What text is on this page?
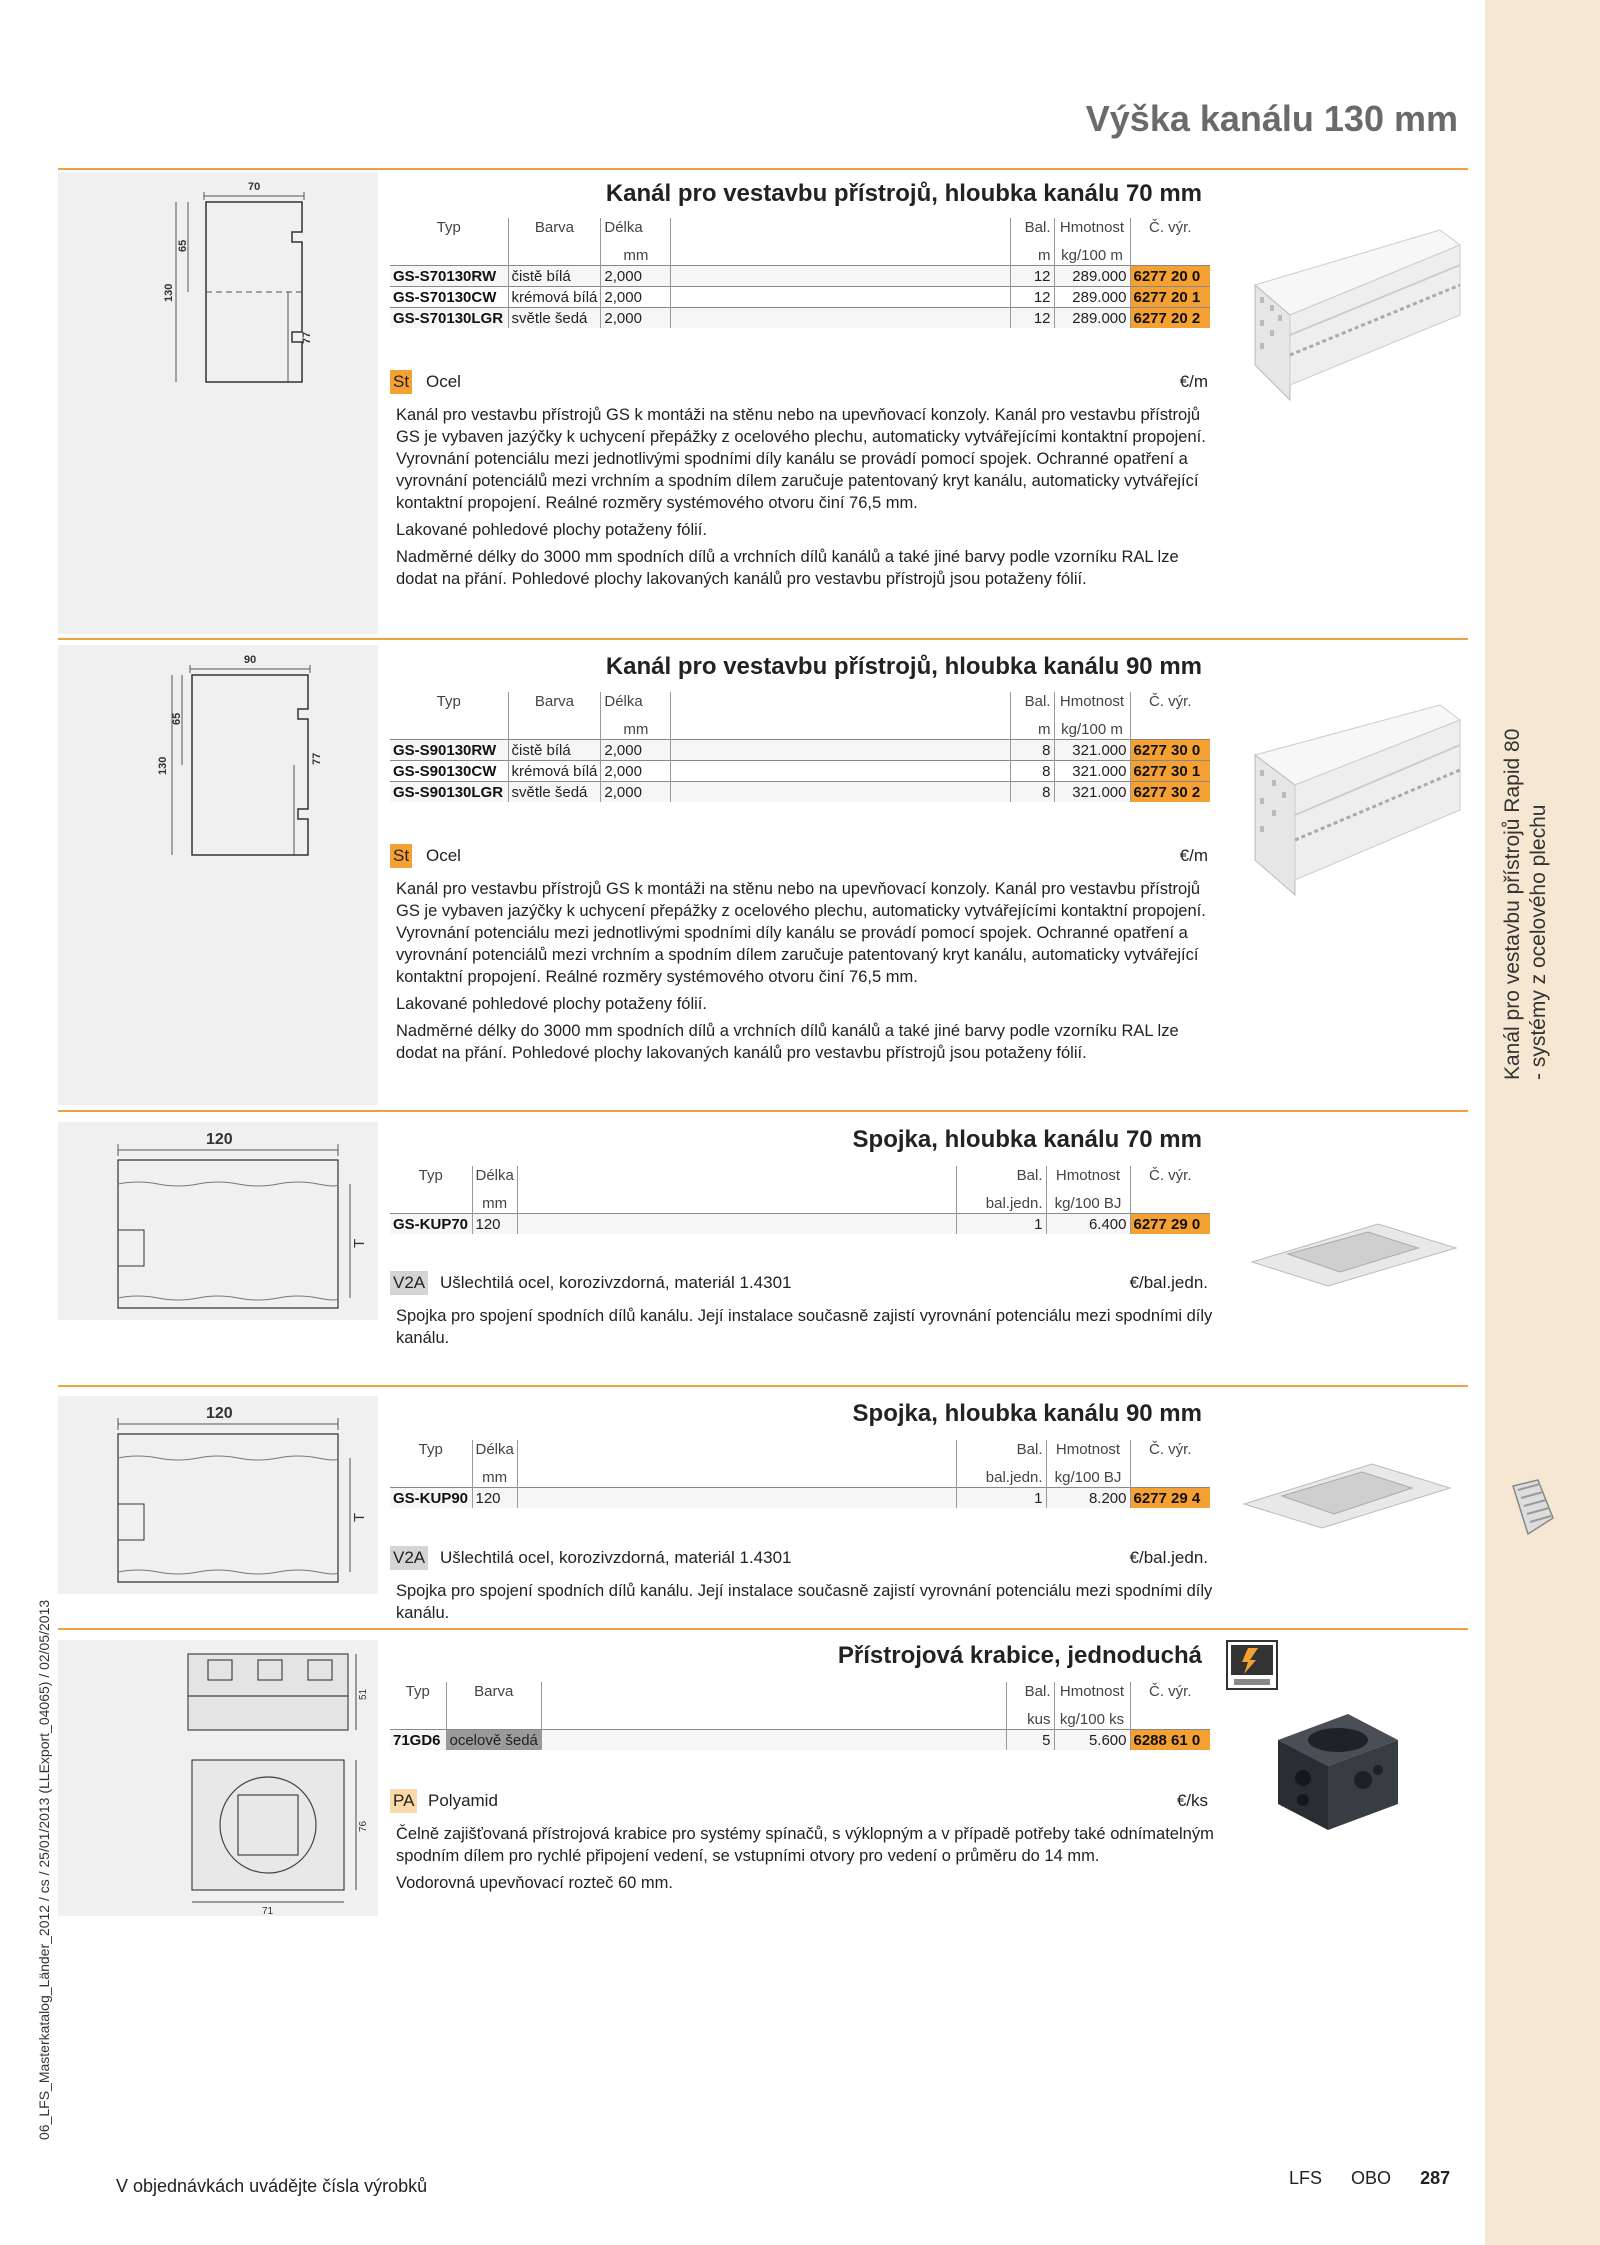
Kanál pro vestavbu přístrojů Rapid 80 - systémy z ocelového plechu
Výška kanálu 130 mm
70
130
65
77
Kanál pro vestavbu přístrojů, hloubka kanálu 70 mm
Typ	Barva	Délka		Bal.	Hmotnost	Č. výr.
		mm		m	kg/100 m	
GS-S70130RW	čistě bílá	2,000		12	289.000	6277 20 0
GS-S70130CW	krémová bílá	2,000		12	289.000	6277 20 1
GS-S70130LGR	světle šedá	2,000		12	289.000	6277 20 2
St Ocel	€/m

Kanál pro vestavbu přístrojů GS k montáži na stěnu nebo na upevňovací konzoly. Kanál pro vestavbu přístrojů GS je vybaven jazýčky k uchycení přepážky z ocelového plechu, automaticky vytvářejícími kontaktní propojení. Vyrovnání potenciálu mezi jednotlivými spodními díly kanálu se provádí pomocí spojek. Ochranné opatření a vyrovnání potenciálů mezi vrchním a spodním dílem zaručuje patentovaný kryt kanálu, automaticky vytvářející kontaktní propojení. Reálné rozměry systémového otvoru činí 76,5 mm.

Lakované pohledové plochy potaženy fólií.

Nadměrné délky do 3000 mm spodních dílů a vrchních dílů kanálů a také jiné barvy podle vzorníku RAL lze dodat na přání. Pohledové plochy lakovaných kanálů pro vestavbu přístrojů jsou potaženy fólií.

90
130
65
77
Kanál pro vestavbu přístrojů, hloubka kanálu 90 mm
Typ	Barva	Délka		Bal.	Hmotnost	Č. výr.
		mm		m	kg/100 m	
GS-S90130RW	čistě bílá	2,000		8	321.000	6277 30 0
GS-S90130CW	krémová bílá	2,000		8	321.000	6277 30 1
GS-S90130LGR	světle šedá	2,000		8	321.000	6277 30 2
St Ocel	€/m

Kanál pro vestavbu přístrojů GS k montáži na stěnu nebo na upevňovací konzoly. Kanál pro vestavbu přístrojů GS je vybaven jazýčky k uchycení přepážky z ocelového plechu, automaticky vytvářejícími kontaktní propojení. Vyrovnání potenciálu mezi jednotlivými spodními díly kanálu se provádí pomocí spojek. Ochranné opatření a vyrovnání potenciálů mezi vrchním a spodním dílem zaručuje patentovaný kryt kanálu, automaticky vytvářející kontaktní propojení. Reálné rozměry systémového otvoru činí 76,5 mm.

Lakované pohledové plochy potaženy fólií.

Nadměrné délky do 3000 mm spodních dílů a vrchních dílů kanálů a také jiné barvy podle vzorníku RAL lze dodat na přání. Pohledové plochy lakovaných kanálů pro vestavbu přístrojů jsou potaženy fólií.

120
T
Spojka, hloubka kanálu 70 mm
Typ	Délka		Bal.	Hmotnost	Č. výr.
	mm		bal.jedn.	kg/100 BJ	
GS-KUP70	120		1	6.400	6277 29 0
V2A Ušlechtilá ocel, korozivzdorná, materiál 1.4301	€/bal.jedn.

Spojka pro spojení spodních dílů kanálu. Její instalace současně zajistí vyrovnání potenciálu mezi spodními díly kanálu.

120
T
Spojka, hloubka kanálu 90 mm
Typ	Délka		Bal.	Hmotnost	Č. výr.
	mm		bal.jedn.	kg/100 BJ	
GS-KUP90	120		1	8.200	6277 29 4
V2A Ušlechtilá ocel, korozivzdorná, materiál 1.4301	€/bal.jedn.

Spojka pro spojení spodních dílů kanálu. Její instalace současně zajistí vyrovnání potenciálu mezi spodními díly kanálu.

51
76
71
Přístrojová krabice, jednoduchá
Typ	Barva		Bal.	Hmotnost	Č. výr.
			kus	kg/100 ks	
71GD6	ocelově šedá		5	5.600	6288 61 0
PA Polyamid	€/ks

Čelně zajišťovaná přístrojová krabice pro systémy spínačů, s výklopným a v případě potřeby také odnímatelným spodním dílem pro rychlé připojení vedení, se vstupními otvory pro vedení o průměru do 14 mm.

Vodorovná upevňovací rozteč 60 mm.

V objednávkách uvádějte čísla výrobků	LFS OBO 287
06_LFS_Masterkatalog_Länder_2012 / cs / 25/01/2013 (LLExport_04065) / 02/05/2013
